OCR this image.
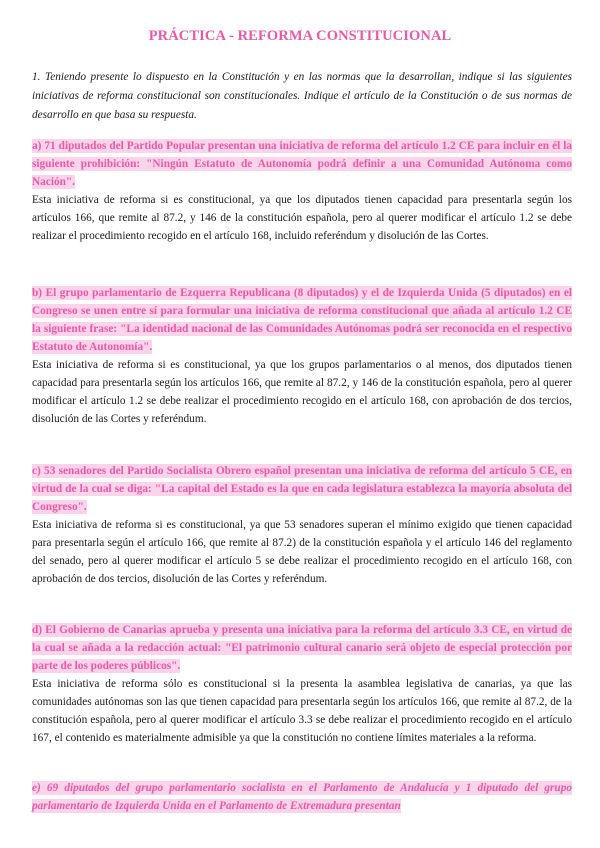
PRÁCTICA - REFORMA CONSTITUCIONAL
1. Teniendo presente lo dispuesto en la Constitución y en las normas que la desarrollan, indique si las siguientes iniciativas de reforma constitucional son constitucionales. Indique el artículo de la Constitución o de sus normas de desarrollo en que basa su respuesta.
a) 71 diputados del Partido Popular presentan una iniciativa de reforma del artículo 1.2 CE para incluir en él la siguiente prohibición: "Ningún Estatuto de Autonomía podrá definir a una Comunidad Autónoma como Nación".
Esta iniciativa de reforma si es constitucional, ya que los diputados tienen capacidad para presentarla según los artículos 166, que remite al 87.2, y 146 de la constitución española, pero al querer modificar el artículo 1.2 se debe realizar el procedimiento recogido en el artículo 168, incluido referéndum y disolución de las Cortes.
b) El grupo parlamentario de Ezquerra Republicana (8 diputados) y el de Izquierda Unida (5 diputados) en el Congreso se unen entre sí para formular una iniciativa de reforma constitucional que añada al artículo 1.2 CE la siguiente frase: "La identidad nacional de las Comunidades Autónomas podrá ser reconocida en el respectivo Estatuto de Autonomía".
Esta iniciativa de reforma si es constitucional, ya que los grupos parlamentarios o al menos, dos diputados tienen capacidad para presentarla según los artículos 166, que remite al 87.2, y 146 de la constitución española, pero al querer modificar el artículo 1.2 se debe realizar el procedimiento recogido en el artículo 168, con aprobación de dos tercios, disolución de las Cortes y referéndum.
c) 53 senadores del Partido Socialista Obrero español presentan una iniciativa de reforma del artículo 5 CE, en virtud de la cual se diga: "La capital del Estado es la que en cada legislatura establezca la mayoría absoluta del Congreso".
Esta iniciativa de reforma si es constitucional, ya que 53 senadores superan el mínimo exigido que tienen capacidad para presentarla según el artículo 166, que remite al 87.2) de la constitución española y el artículo 146 del reglamento del senado, pero al querer modificar el artículo 5 se debe realizar el procedimiento recogido en el artículo 168, con aprobación de dos tercios, disolución de las Cortes y referéndum.
d) El Gobierno de Canarias aprueba y presenta una iniciativa para la reforma del artículo 3.3 CE, en virtud de la cual se añada a la redacción actual: "El patrimonio cultural canario será objeto de especial protección por parte de los poderes públicos".
Esta iniciativa de reforma sólo es constitucional si la presenta la asamblea legislativa de canarias, ya que las comunidades autónomas son las que tienen capacidad para presentarla según los artículos 166, que remite al 87.2, de la constitución española, pero al querer modificar el artículo 3.3 se debe realizar el procedimiento recogido en el artículo 167, el contenido es materialmente admisible ya que la constitución no contiene límites materiales a la reforma.
e) 69 diputados del grupo parlamentario socialista en el Parlamento de Andalucía y 1 diputado del grupo parlamentario de Izquierda Unida en el Parlamento de Extremadura presentan
